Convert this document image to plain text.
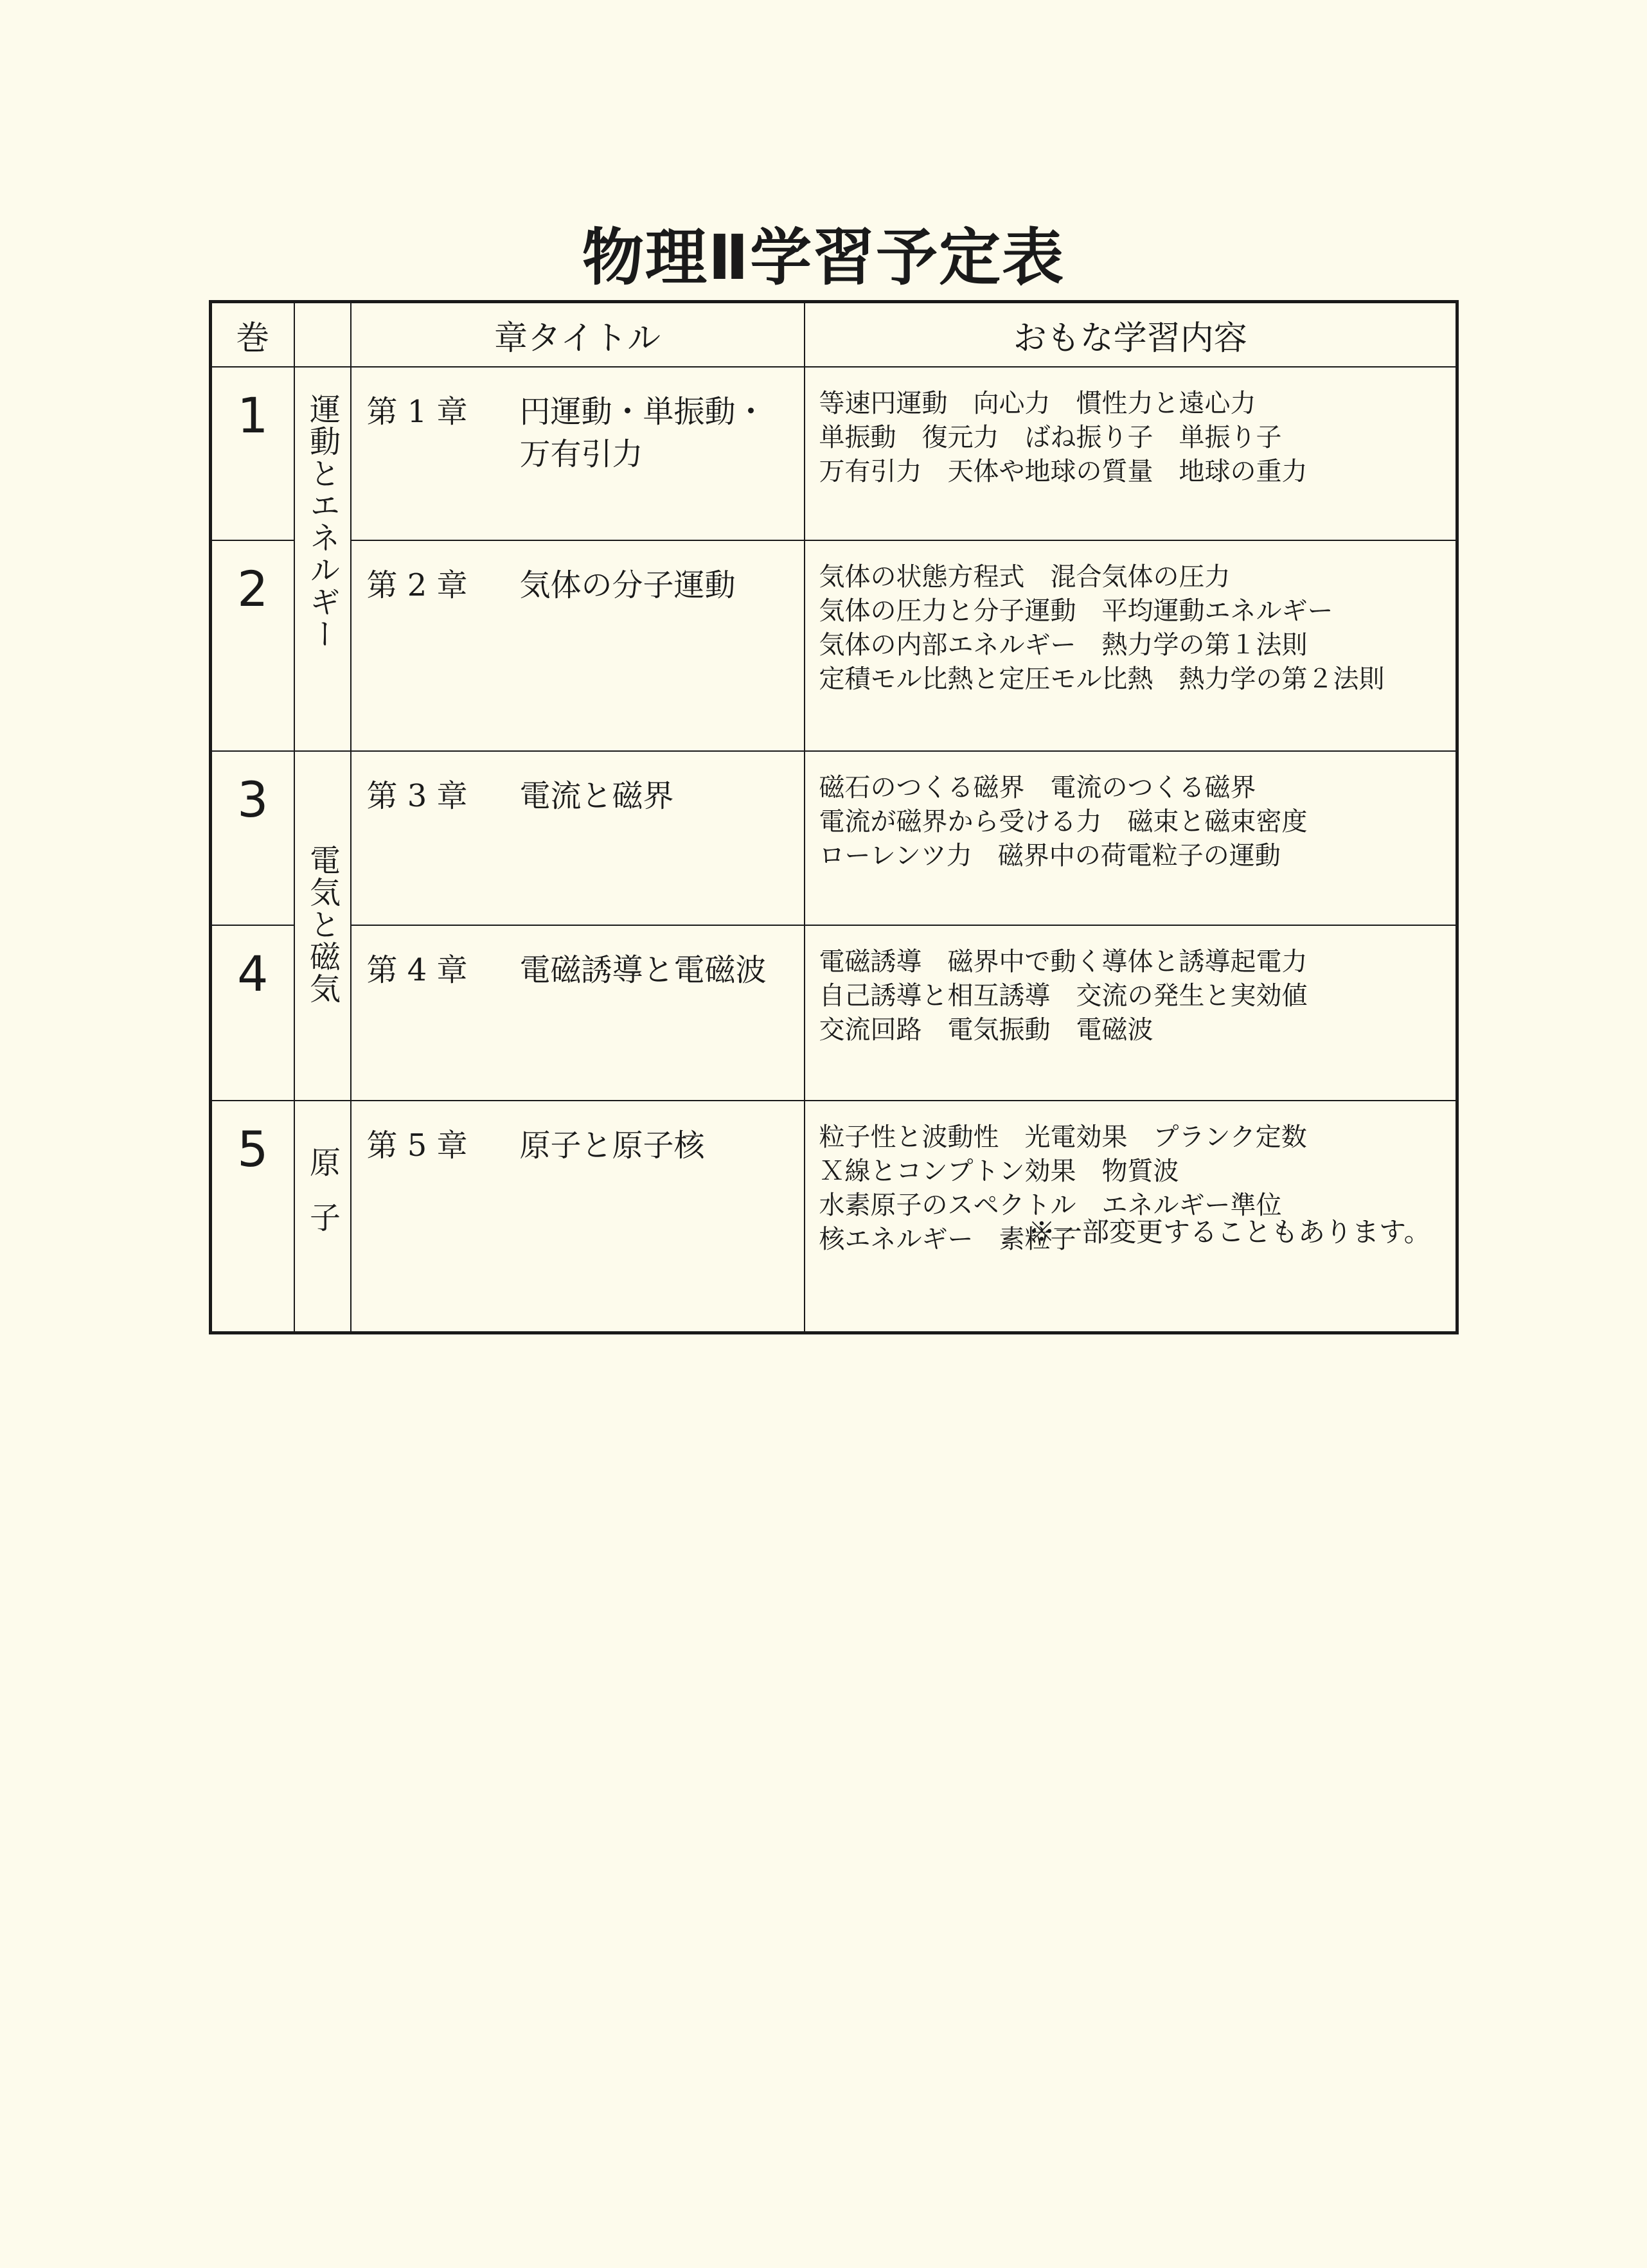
物理Ⅱ学習予定表
巻		章タイトル	おもな学習内容
1	運動とエネルギー	第 1 章 円運動・単振動・万有引力	等速円運動　向心力　慣性力と遠心力
単振動　復元力　ばね振り子　単振り子
万有引力　天体や地球の質量　地球の重力

2		第 2 章 気体の分子運動	気体の状態方程式　混合気体の圧力
気体の圧力と分子運動　平均運動エネルギー
気体の内部エネルギー　熱力学の第１法則
定積モル比熱と定圧モル比熱　熱力学の第２法則

3	電気と磁気	第 3 章 電流と磁界	磁石のつくる磁界　電流のつくる磁界
電流が磁界から受ける力　磁束と磁束密度
ローレンツ力　磁界中の荷電粒子の運動

4		第 4 章 電磁誘導と電磁波	電磁誘導　磁界中で動く導体と誘導起電力
自己誘導と相互誘導　交流の発生と実効値
交流回路　電気振動　電磁波

5	原子	第 5 章 原子と原子核	粒子性と波動性　光電効果　プランク定数
Ｘ線とコンプトン効果　物質波
水素原子のスペクトル　エネルギー準位
核エネルギー　素粒子
※一部変更することもあります。
